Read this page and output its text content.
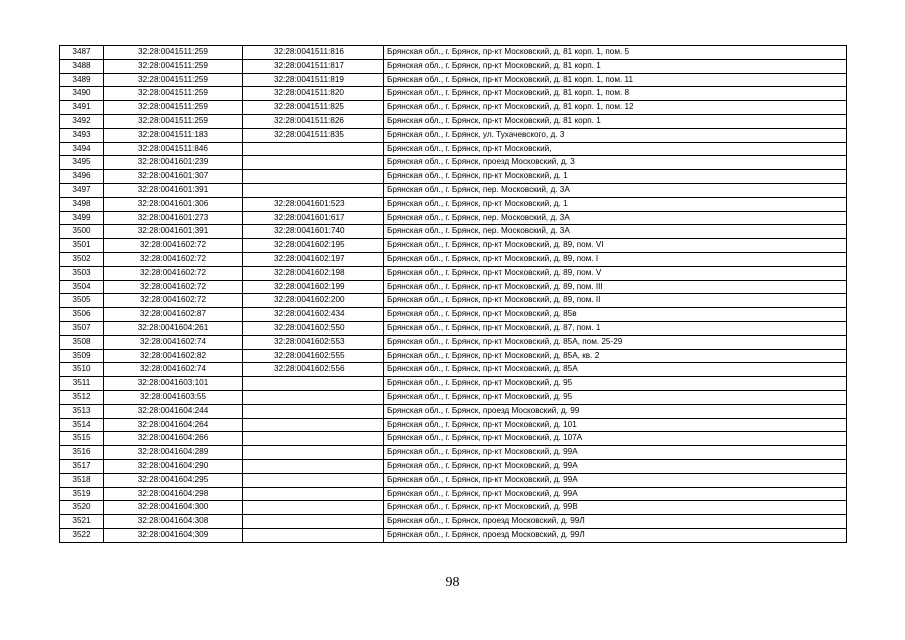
3487	32:28:0041511:259	32:28:0041511:816	Брянская обл., г. Брянск, пр-кт Московский, д. 81 корп. 1, пом. 5
3488	32:28:0041511:259	32:28:0041511:817	Брянская обл., г. Брянск, пр-кт Московский, д. 81 корп. 1
3489	32:28:0041511:259	32:28:0041511:819	Брянская обл., г. Брянск, пр-кт Московский, д. 81 корп. 1, пом. 11
3490	32:28:0041511:259	32:28:0041511:820	Брянская обл., г. Брянск, пр-кт Московский, д. 81 корп. 1, пом. 8
3491	32:28:0041511:259	32:28:0041511:825	Брянская обл., г. Брянск, пр-кт Московский, д. 81 корп. 1, пом. 12
3492	32:28:0041511:259	32:28:0041511:826	Брянская обл., г. Брянск, пр-кт Московский, д. 81 корп. 1
3493	32:28:0041511:183	32:28:0041511:835	Брянская обл., г. Брянск, ул. Тухачевского, д. 3
3494	32:28:0041511:846		Брянская обл., г. Брянск, пр-кт Московский,
3495	32:28:0041601:239		Брянская обл., г. Брянск, проезд Московский, д. 3
3496	32:28:0041601:307		Брянская обл., г. Брянск, пр-кт Московский, д. 1
3497	32:28:0041601:391		Брянская обл., г. Брянск, пер. Московский, д. 3А
3498	32:28:0041601:306	32:28:0041601:523	Брянская обл., г. Брянск, пр-кт Московский, д. 1
3499	32:28:0041601:273	32:28:0041601:617	Брянская обл., г. Брянск, пер. Московский, д. 3А
3500	32:28:0041601:391	32:28:0041601:740	Брянская обл., г. Брянск, пер. Московский, д. 3А
3501	32:28:0041602:72	32:28:0041602:195	Брянская обл., г. Брянск, пр-кт Московский, д. 89, пом. VI
3502	32:28:0041602:72	32:28:0041602:197	Брянская обл., г. Брянск, пр-кт Московский, д. 89, пом. I
3503	32:28:0041602:72	32:28:0041602:198	Брянская обл., г. Брянск, пр-кт Московский, д. 89, пом. V
3504	32:28:0041602:72	32:28:0041602:199	Брянская обл., г. Брянск, пр-кт Московский, д. 89, пом. III
3505	32:28:0041602:72	32:28:0041602:200	Брянская обл., г. Брянск, пр-кт Московский, д. 89, пом. II
3506	32:28:0041602:87	32:28:0041602:434	Брянская обл., г. Брянск, пр-кт Московский, д. 85в
3507	32:28:0041604:261	32:28:0041602:550	Брянская обл., г. Брянск, пр-кт Московский, д. 87, пом. 1
3508	32:28:0041602:74	32:28:0041602:553	Брянская обл., г. Брянск, пр-кт Московский, д. 85А, пом. 25-29
3509	32:28:0041602:82	32:28:0041602:555	Брянская обл., г. Брянск, пр-кт Московский, д. 85А, кв. 2
3510	32:28:0041602:74	32:28:0041602:556	Брянская обл., г. Брянск, пр-кт Московский, д. 85А
3511	32:28:0041603:101		Брянская обл., г. Брянск, пр-кт Московский, д. 95
3512	32:28:0041603:55		Брянская обл., г. Брянск, пр-кт Московский, д. 95
3513	32:28:0041604:244		Брянская обл., г. Брянск, проезд Московский, д. 99
3514	32:28:0041604:264		Брянская обл., г. Брянск, пр-кт Московский, д. 101
3515	32:28:0041604:266		Брянская обл., г. Брянск, пр-кт Московский, д. 107А
3516	32:28:0041604:289		Брянская обл., г. Брянск, пр-кт Московский, д. 99А
3517	32:28:0041604:290		Брянская обл., г. Брянск, пр-кт Московский, д. 99А
3518	32:28:0041604:295		Брянская обл., г. Брянск, пр-кт Московский, д. 99А
3519	32:28:0041604:298		Брянская обл., г. Брянск, пр-кт Московский, д. 99А
3520	32:28:0041604:300		Брянская обл., г. Брянск, пр-кт Московский, д. 99В
3521	32:28:0041604:308		Брянская обл., г. Брянск, проезд Московский, д. 99Л
3522	32:28:0041604:309		Брянская обл., г. Брянск, проезд Московский, д. 99Л
98
